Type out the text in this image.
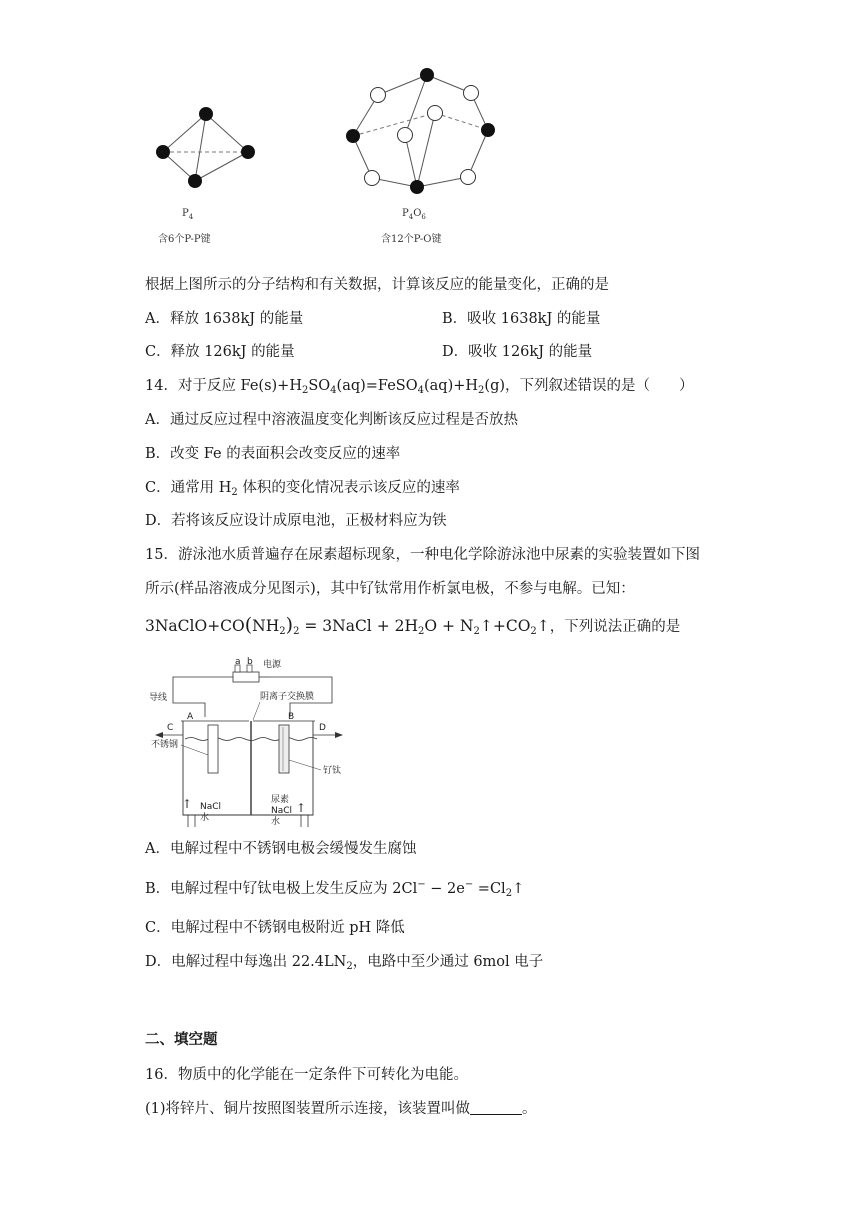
$P_4$
含6个P-P键
$P_4O_6$
含12个P-O键
根据上图所示的分子结构和有关数据，计算该反应的能量变化，正确的是
A．释放 1638kJ 的能量	B．吸收 1638kJ 的能量
C．释放 126kJ 的能量	D．吸收 126kJ 的能量
14．对于反应 $Fe(s)+H_2SO_4(aq)=FeSO_4(aq)+H_2(g)$，下列叙述错误的是（　　）
A．通过反应过程中溶液温度变化判断该反应过程是否放热
B．改变 Fe 的表面积会改变反应的速率
C．通常用 $H_2$ 体积的变化情况表示该反应的速率
D．若将该反应设计成原电池，正极材料应为铁
15．游泳池水质普遍存在尿素超标现象，一种电化学除游泳池中尿素的实验装置如下图
所示(样品溶液成分见图示)，其中钌钛常用作析氯电极，不参与电解。已知：
$3NaClO+CO(NH_2)_2$ = 3NaCl + $2H_2O$ + $N_2↑+CO_2↑$，下列说法正确的是
a b 电源
导线	阴离子交换膜
A	B
C	D
不锈钢
钌钛
↑ NaCl
水
尿素
NaCl
水
↑
A．电解过程中不锈钢电极会缓慢发生腐蚀
B．电解过程中钌钛电极上发生反应为 $2Cl^- - 2e^- =Cl_2↑$
C．电解过程中不锈钢电极附近 pH 降低
D．电解过程中每逸出 $22.4LN_2$，电路中至少通过 6mol 电子
二、填空题
16．物质中的化学能在一定条件下可转化为电能。
(1)将锌片、铜片按照图装置所示连接，该装置叫做	。
